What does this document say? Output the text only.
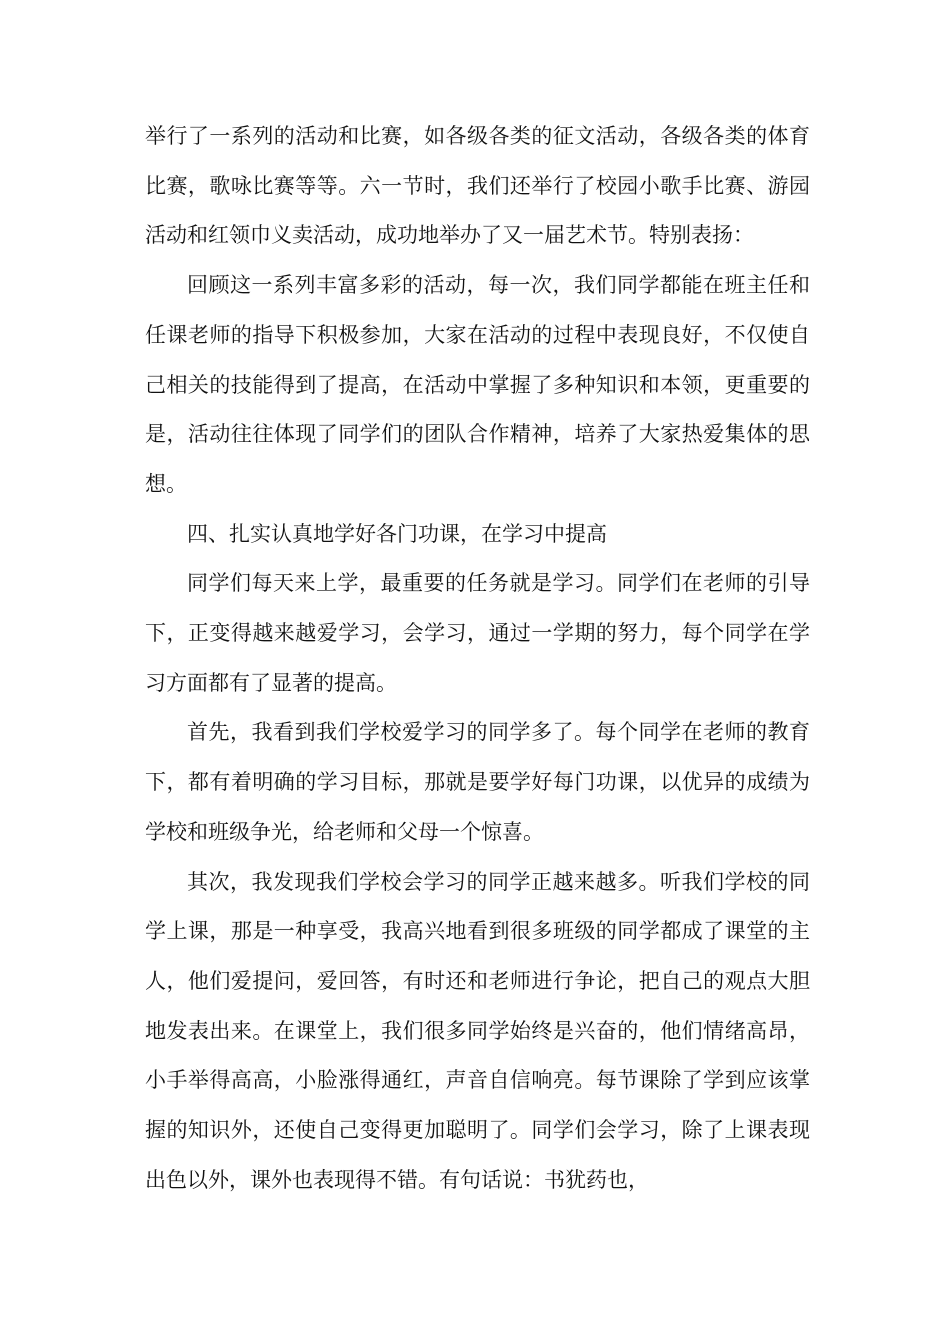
举行了一系列的活动和比赛，如各级各类的征文活动，各级各类的体育比赛，歌咏比赛等等。六一节时，我们还举行了校园小歌手比赛、游园活动和红领巾义卖活动，成功地举办了又一届艺术节。特别表扬：

回顾这一系列丰富多彩的活动，每一次，我们同学都能在班主任和任课老师的指导下积极参加，大家在活动的过程中表现良好，不仅使自己相关的技能得到了提高，在活动中掌握了多种知识和本领，更重要的是，活动往往体现了同学们的团队合作精神，培养了大家热爱集体的思想。

四、扎实认真地学好各门功课，在学习中提高

同学们每天来上学，最重要的任务就是学习。同学们在老师的引导下，正变得越来越爱学习，会学习，通过一学期的努力，每个同学在学习方面都有了显著的提高。

首先，我看到我们学校爱学习的同学多了。每个同学在老师的教育下，都有着明确的学习目标，那就是要学好每门功课，以优异的成绩为学校和班级争光，给老师和父母一个惊喜。

其次，我发现我们学校会学习的同学正越来越多。听我们学校的同学上课，那是一种享受，我高兴地看到很多班级的同学都成了课堂的主人，他们爱提问，爱回答，有时还和老师进行争论，把自己的观点大胆地发表出来。在课堂上，我们很多同学始终是兴奋的，他们情绪高昂，小手举得高高，小脸涨得通红，声音自信响亮。每节课除了学到应该掌握的知识外，还使自己变得更加聪明了。同学们会学习，除了上课表现出色以外，课外也表现得不错。有句话说：书犹药也，
